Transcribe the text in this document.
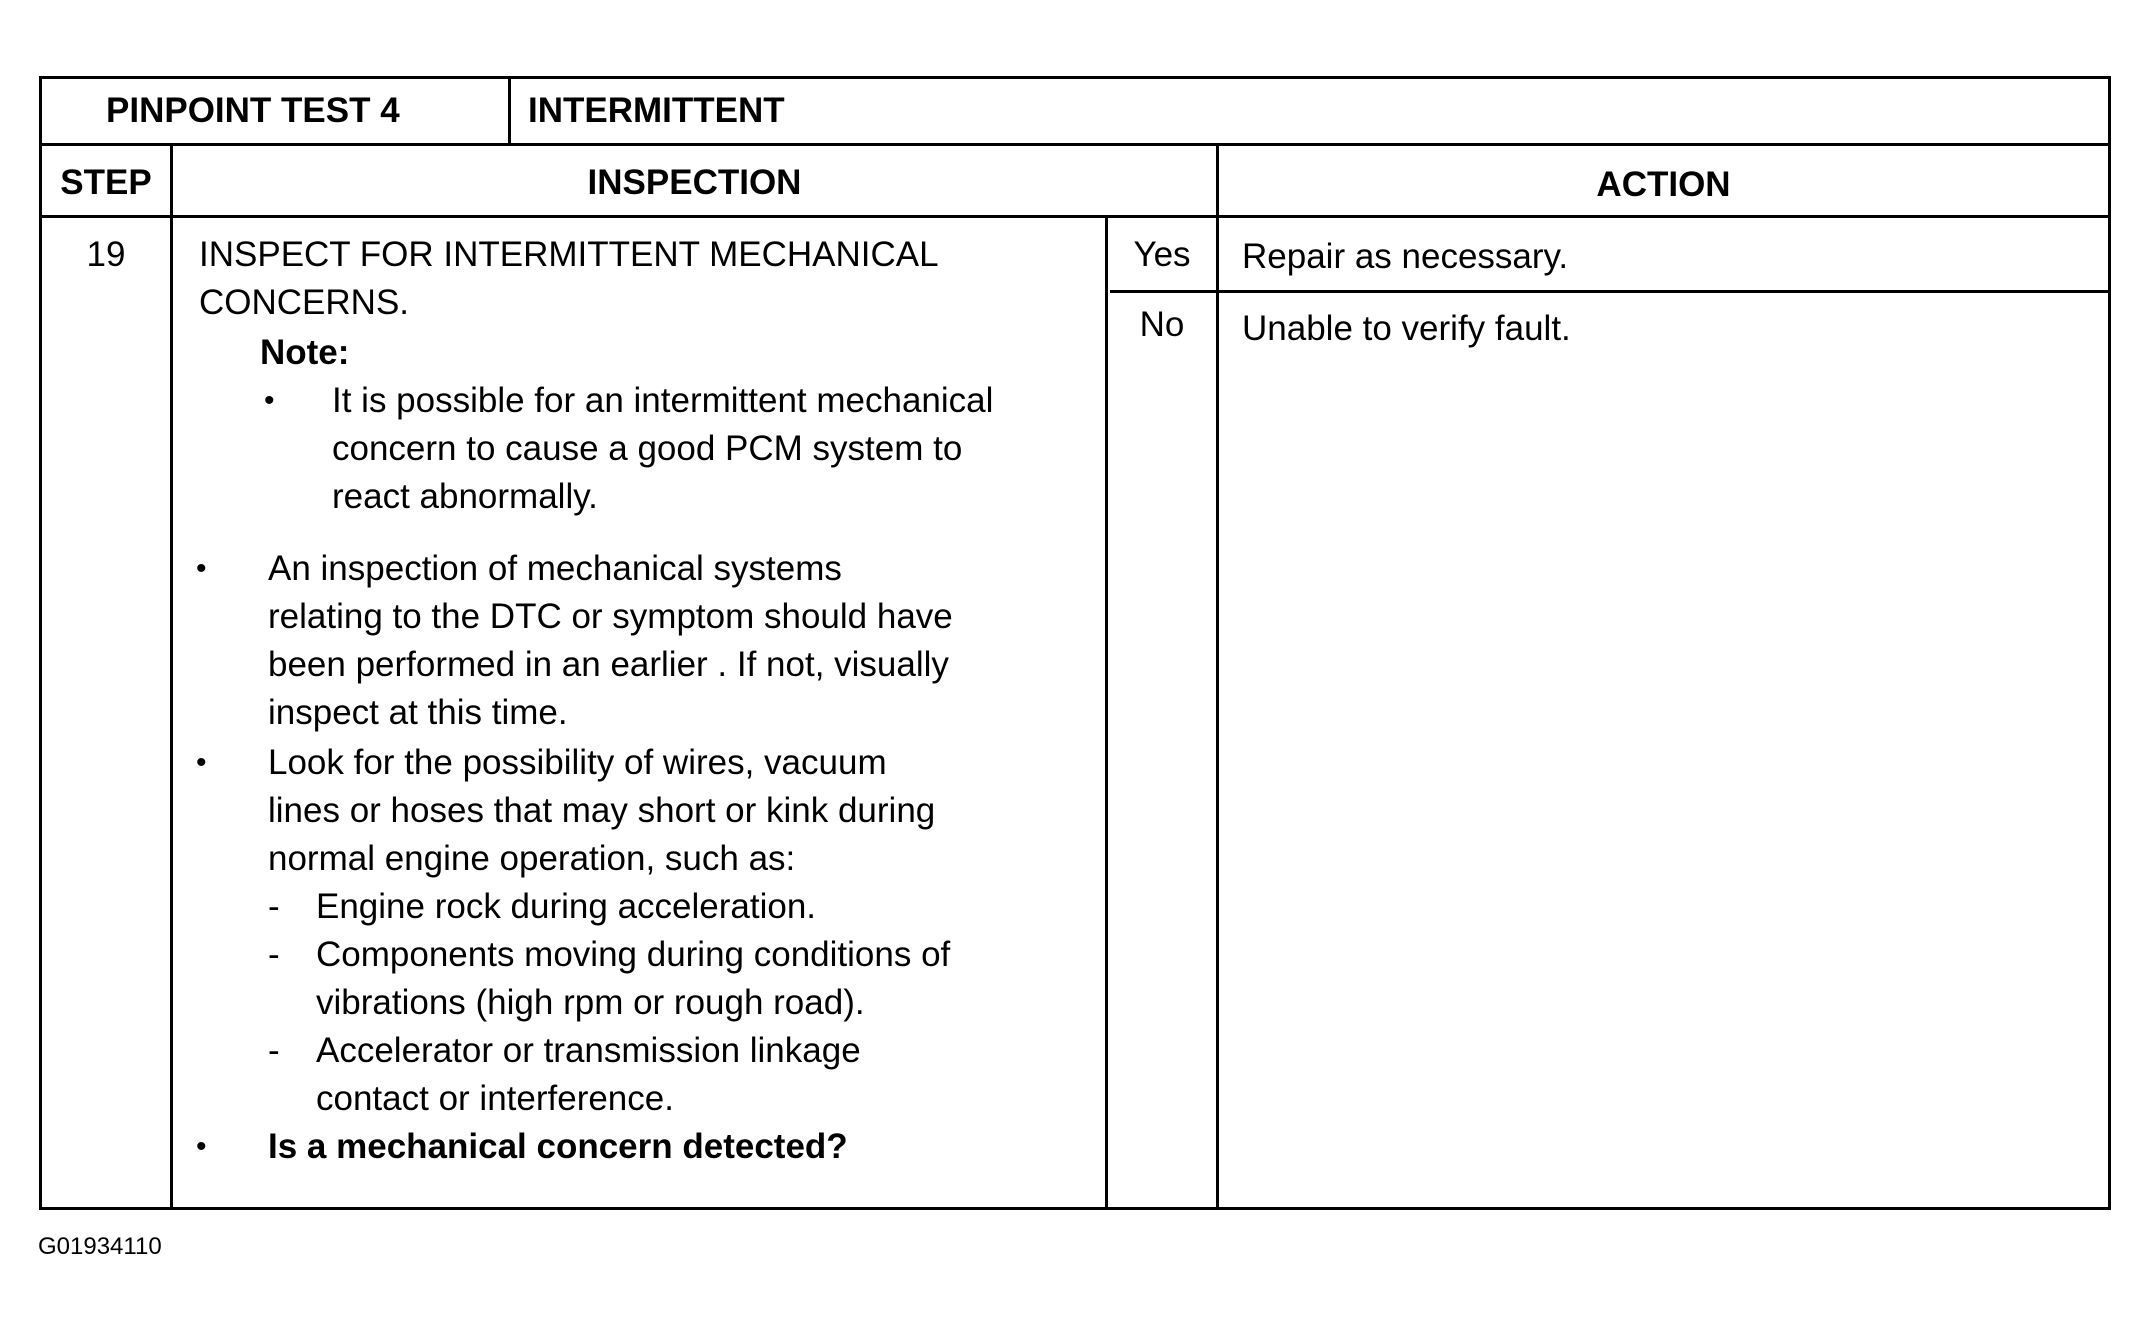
PINPOINT TEST 4	INTERMITTENT
STEP	INSPECTION	ACTION
19	INSPECT FOR INTERMITTENT MECHANICAL
CONCERNS.
Note:
• It is possible for an intermittent mechanical
concern to cause a good PCM system to
react abnormally.
• An inspection of mechanical systems
relating to the DTC or symptom should have
been performed in an earlier . If not, visually
inspect at this time.
• Look for the possibility of wires, vacuum
lines or hoses that may short or kink during
normal engine operation, such as:
- Engine rock during acceleration.
- Components moving during conditions of
vibrations (high rpm or rough road).
- Accelerator or transmission linkage
contact or interference.
• Is a mechanical concern detected?
Yes	Repair as necessary.
No	Unable to verify fault.
G01934110
